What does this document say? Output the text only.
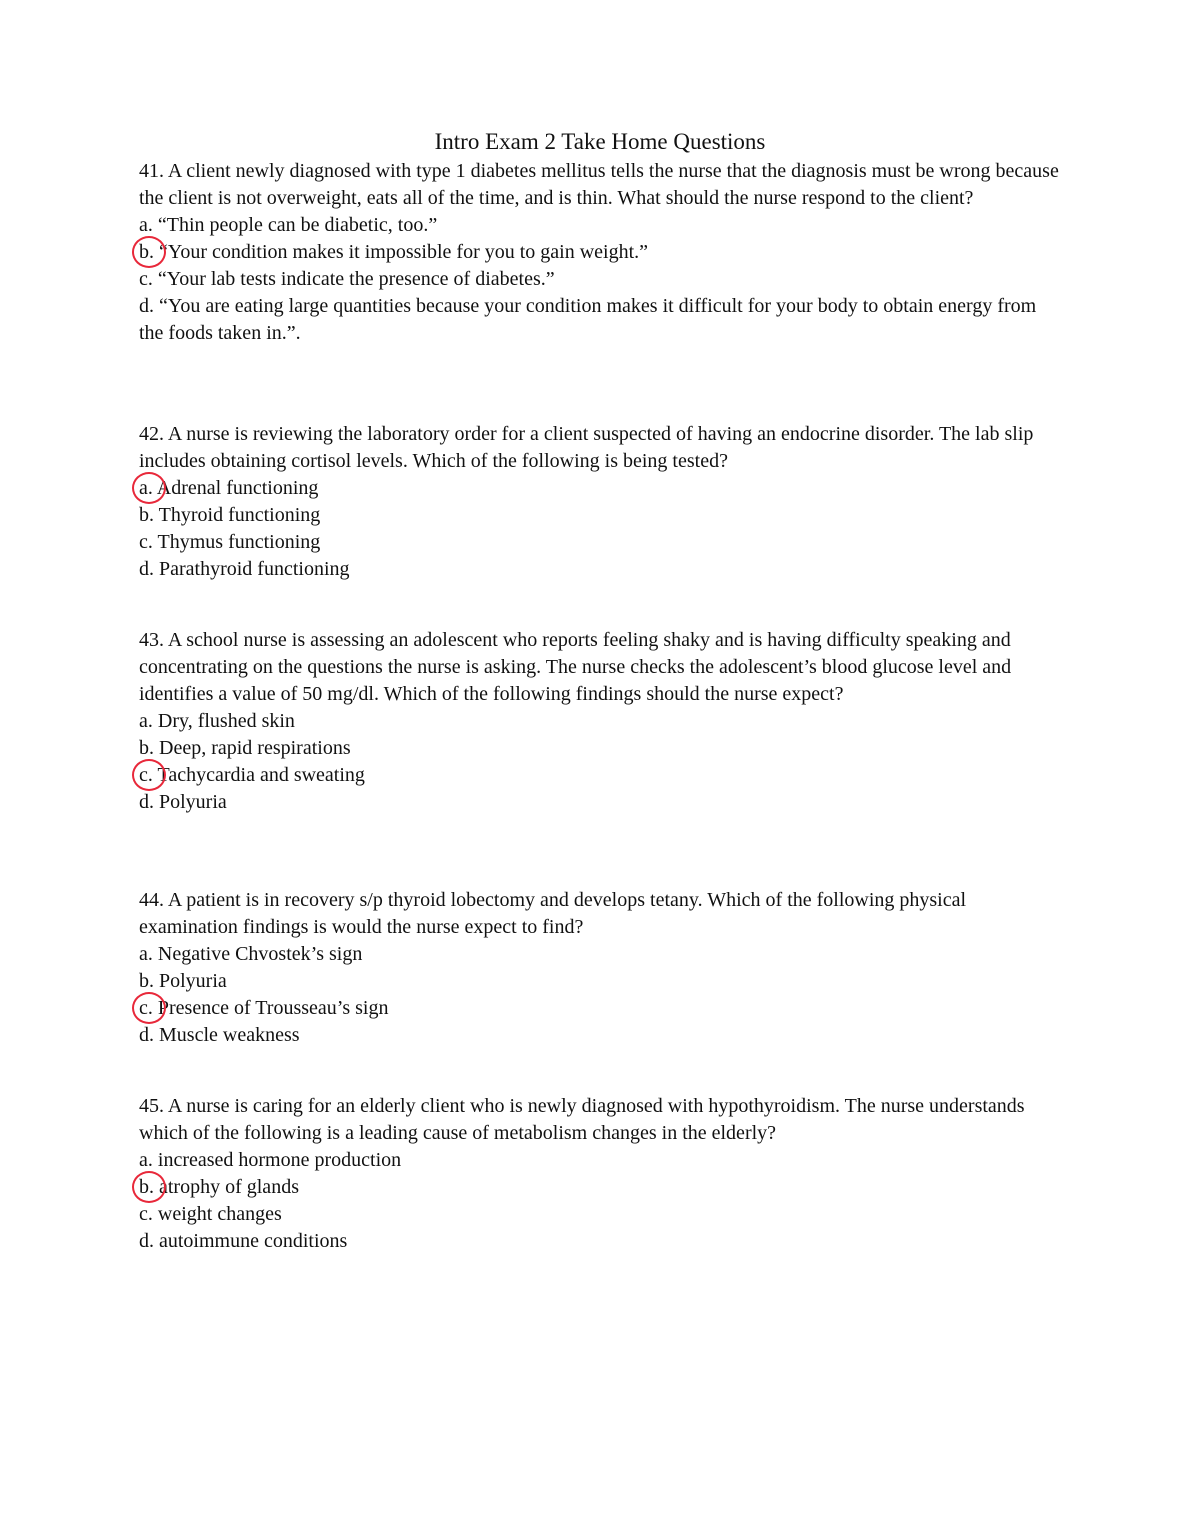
Intro Exam 2 Take Home Questions

41. A client newly diagnosed with type 1 diabetes mellitus tells the nurse that the diagnosis must be wrong because the client is not overweight, eats all of the time, and is thin. What should the nurse respond to the client?

a. “Thin people can be diabetic, too.”
b.
“Your condition makes it impossible for you to gain weight.”
c. “Your lab tests indicate the presence of diabetes.”
d. “You are eating large quantities because your condition makes it difficult for your body to obtain energy from the foods taken in.”.

42. A nurse is reviewing the laboratory order for a client suspected of having an endocrine disorder. The lab slip includes obtaining cortisol levels. Which of the following is being tested?

a.
Adrenal functioning
b. Thyroid functioning
c. Thymus functioning
d. Parathyroid functioning

43. A school nurse is assessing an adolescent who reports feeling shaky and is having difficulty speaking and concentrating on the questions the nurse is asking. The nurse checks the adolescent’s blood glucose level and identifies a value of 50 mg/dl. Which of the following findings should the nurse expect?

a. Dry, flushed skin
b. Deep, rapid respirations
c.
Tachycardia and sweating
d. Polyuria

44. A patient is in recovery s/p thyroid lobectomy and develops tetany. Which of the following physical examination findings is would the nurse expect to find?

a. Negative Chvostek’s sign
b. Polyuria
c.
Presence of Trousseau’s sign
d. Muscle weakness

45. A nurse is caring for an elderly client who is newly diagnosed with hypothyroidism. The nurse understands which of the following is a leading cause of metabolism changes in the elderly?

a. increased hormone production
b.
atrophy of glands
c. weight changes
d. autoimmune conditions
